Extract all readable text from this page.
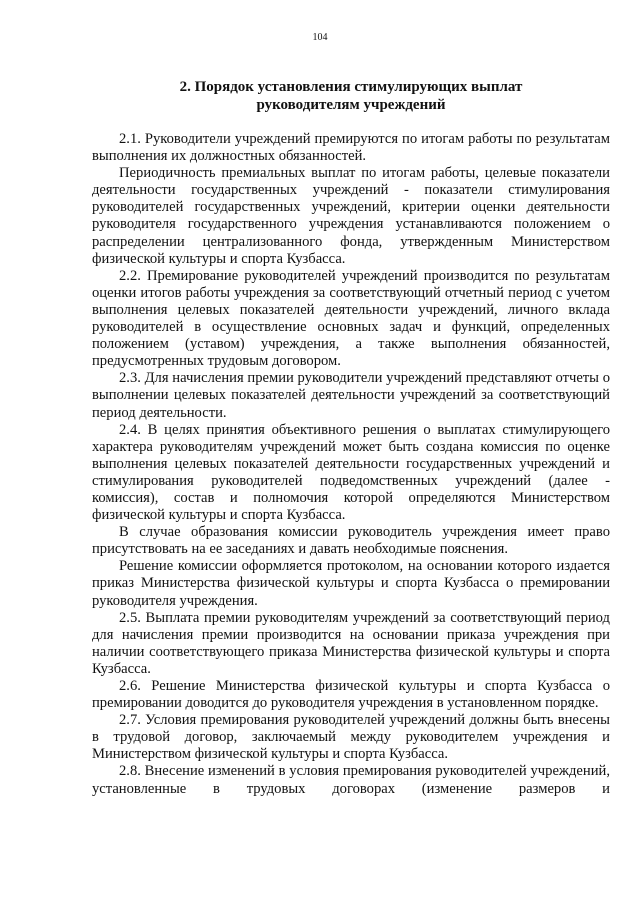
104
2. Порядок установления стимулирующих выплат
руководителям учреждений

2.1. Руководители учреждений премируются по итогам работы по результатам выполнения их должностных обязанностей.

Периодичность премиальных выплат по итогам работы, целевые показатели деятельности государственных учреждений - показатели стимулирования руководителей государственных учреждений, критерии оценки деятельности руководителя государственного учреждения устанавливаются положением о распределении централизованного фонда, утвержденным Министерством физической культуры и спорта Кузбасса.

2.2. Премирование руководителей учреждений производится по результатам оценки итогов работы учреждения за соответствующий отчетный период с учетом выполнения целевых показателей деятельности учреждений, личного вклада руководителей в осуществление основных задач и функций, определенных положением (уставом) учреждения, а также выполнения обязанностей, предусмотренных трудовым договором.

2.3. Для начисления премии руководители учреждений представляют отчеты о выполнении целевых показателей деятельности учреждений за соответствующий период деятельности.

2.4. В целях принятия объективного решения о выплатах стимулирующего характера руководителям учреждений может быть создана комиссия по оценке выполнения целевых показателей деятельности государственных учреждений и стимулирования руководителей подведомственных учреждений (далее - комиссия), состав и полномочия которой определяются Министерством физической культуры и спорта Кузбасса.

В случае образования комиссии руководитель учреждения имеет право присутствовать на ее заседаниях и давать необходимые пояснения.

Решение комиссии оформляется протоколом, на основании которого издается приказ Министерства физической культуры и спорта Кузбасса о премировании руководителя учреждения.

2.5. Выплата премии руководителям учреждений за соответствующий период для начисления премии производится на основании приказа учреждения при наличии соответствующего приказа Министерства физической культуры и спорта Кузбасса.

2.6. Решение Министерства физической культуры и спорта Кузбасса о премировании доводится до руководителя учреждения в установленном порядке.

2.7. Условия премирования руководителей учреждений должны быть внесены в трудовой договор, заключаемый между руководителем учреждения и Министерством физической культуры и спорта Кузбасса.

2.8. Внесение изменений в условия премирования руководителей учреждений, установленные в трудовых договорах (изменение размеров и
